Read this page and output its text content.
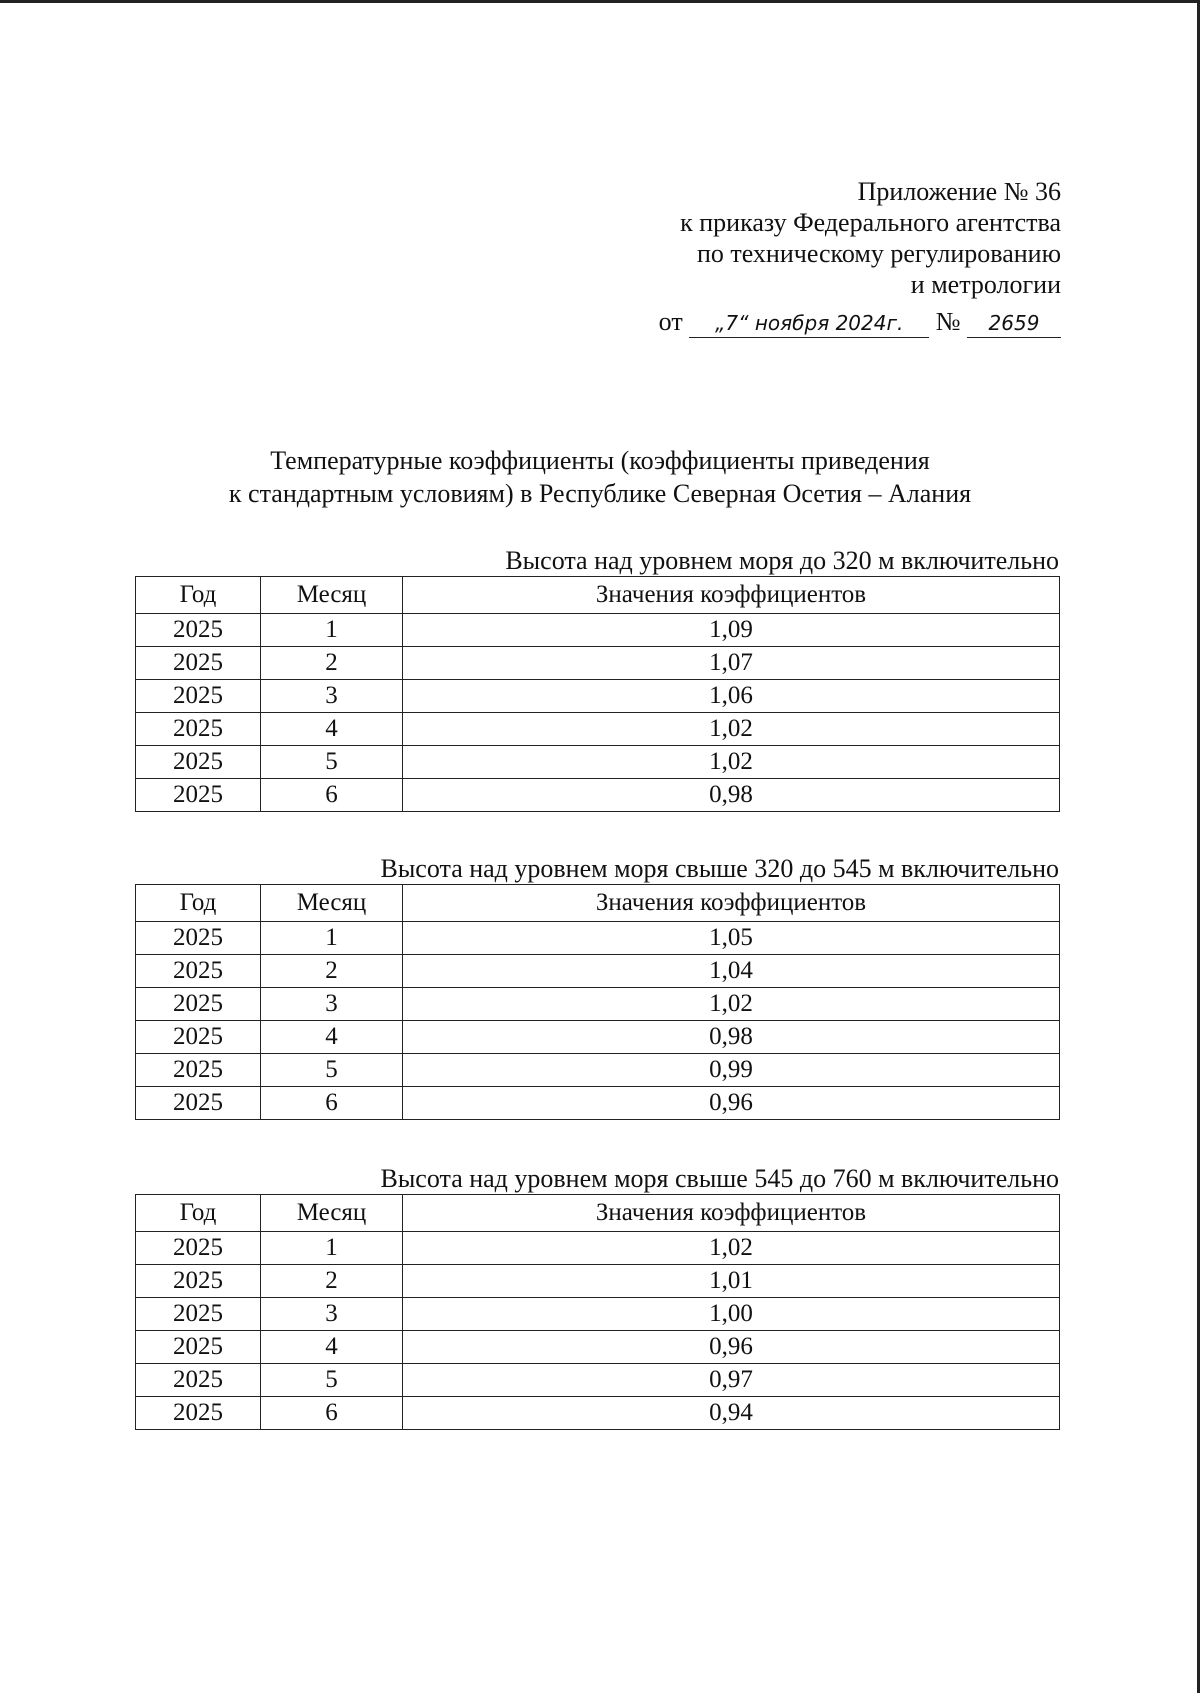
Приложение № 36
к приказу Федерального агентства
по техническому регулированию
и метрологии
от „7“ ноября 2024г. № 2659
Температурные коэффициенты (коэффициенты приведения
к стандартным условиям) в Республике Северная Осетия – Алания
Высота над уровнем моря до 320 м включительно
Год	Месяц	Значения коэффициентов
2025	1	1,09
2025	2	1,07
2025	3	1,06
2025	4	1,02
2025	5	1,02
2025	6	0,98
Высота над уровнем моря свыше 320 до 545 м включительно
Год	Месяц	Значения коэффициентов
2025	1	1,05
2025	2	1,04
2025	3	1,02
2025	4	0,98
2025	5	0,99
2025	6	0,96
Высота над уровнем моря свыше 545 до 760 м включительно
Год	Месяц	Значения коэффициентов
2025	1	1,02
2025	2	1,01
2025	3	1,00
2025	4	0,96
2025	5	0,97
2025	6	0,94
